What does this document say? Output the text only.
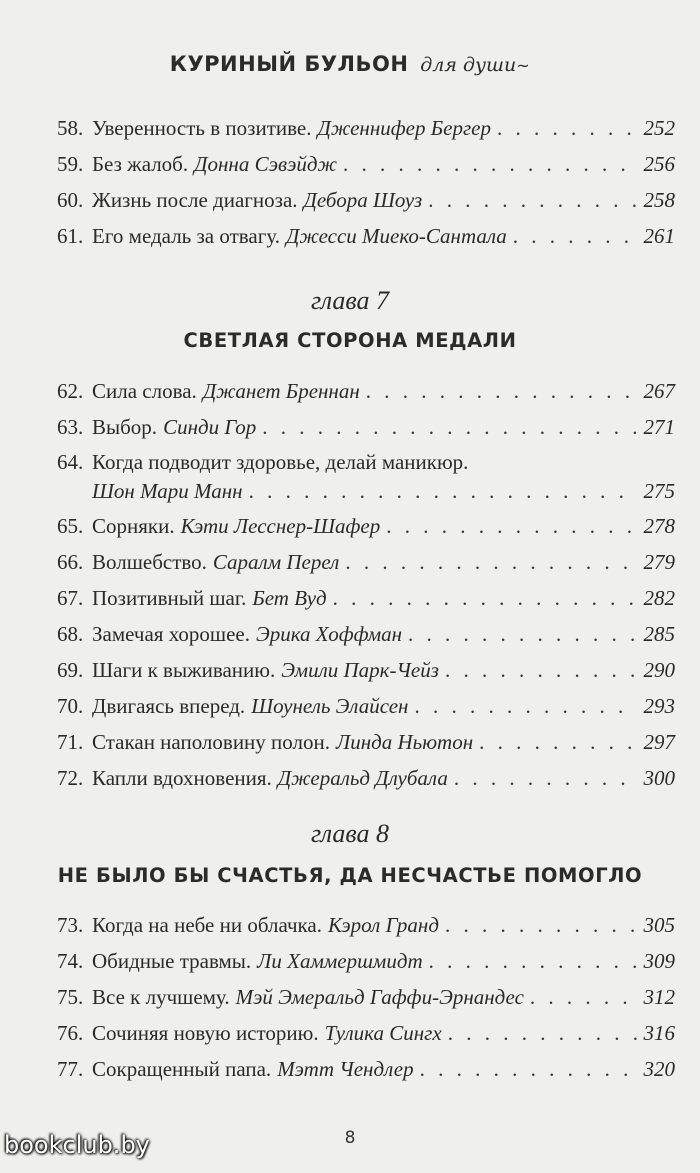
КУРИНЫЙ БУЛЬОН для души~
58. Уверенность в позитиве. Дженнифер Бергер . . .	252
59. Без жалоб. Донна Сэвэйдж . . .	256
60. Жизнь после диагноза. Дебора Шоуз . . .	258
61. Его медаль за отвагу. Джесси Миеко-Сантала . . .	261
глава 7
СВЕТЛАЯ СТОРОНА МЕДАЛИ
62. Сила слова. Джанет Бреннан . . .	267
63. Выбор. Синди Гор . . .	271
64. Когда подводит здоровье, делай маникюр.
Шон Мари Манн . . .	275
65. Сорняки. Кэти Лесснер-Шафер . . .	278
66. Волшебство. Саралм Перел . . .	279
67. Позитивный шаг. Бет Вуд . . .	282
68. Замечая хорошее. Эрика Хоффман . . .	285
69. Шаги к выживанию. Эмили Парк-Чейз . . .	290
70. Двигаясь вперед. Шоунель Элайсен . . .	293
71. Стакан наполовину полон. Линда Ньютон . . .	297
72. Капли вдохновения. Джеральд Длубала . . .	300
глава 8
НЕ БЫЛО БЫ СЧАСТЬЯ, ДА НЕСЧАСТЬЕ ПОМОГЛО
73. Когда на небе ни облачка. Кэрол Гранд . . .	305
74. Обидные травмы. Ли Хаммершмидт . . .	309
75. Все к лучшему. Мэй Эмеральд Гаффи-Эрнандес . . .	312
76. Сочиняя новую историю. Тулика Сингх . . .	316
77. Сокращенный папа. Мэтт Чендлер . . .	320
8
bookclub.by
